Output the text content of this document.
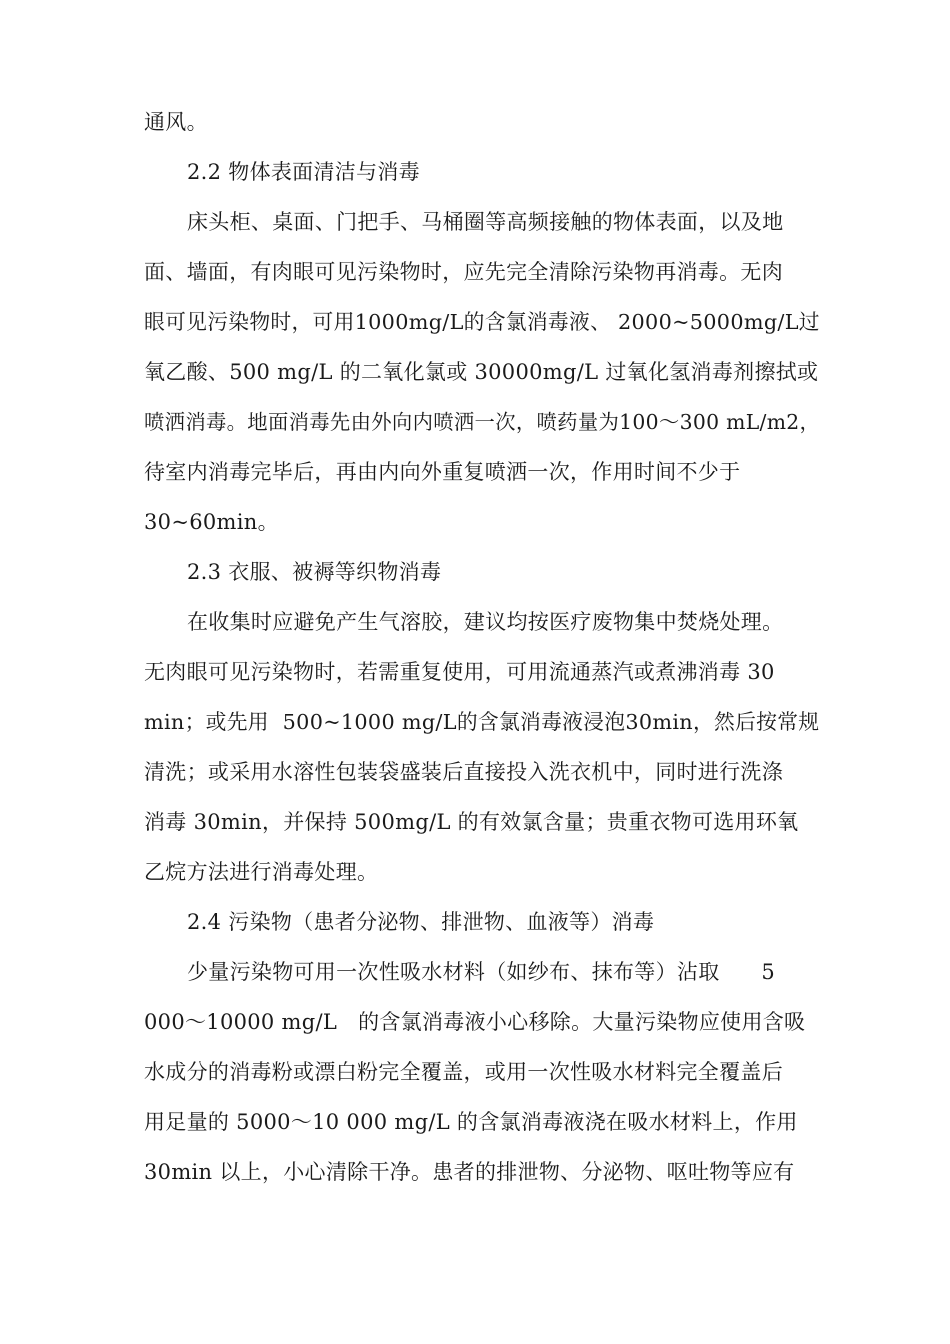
通风。
2.2 物体表面清洁与消毒
床头柜、桌面、门把手、马桶圈等高频接触的物体表面，以及地
面、墙面，有肉眼可见污染物时，应先完全清除污染物再消毒。无肉
眼可见污染物时，可用1000mg/L的含氯消毒液、 2000~5000mg/L过
氧乙酸、500 mg/L 的二氧化氯或 30000mg/L 过氧化氢消毒剂擦拭或
喷洒消毒。地面消毒先由外向内喷洒一次，喷药量为100～300 mL/m2，
待室内消毒完毕后，再由内向外重复喷洒一次，作用时间不少于
30~60min。
2.3 衣服、被褥等织物消毒
在收集时应避免产生气溶胶，建议均按医疗废物集中焚烧处理。
无肉眼可见污染物时，若需重复使用，可用流通蒸汽或煮沸消毒 30
min；或先用  500~1000 mg/L的含氯消毒液浸泡30min，然后按常规
清洗；或采用水溶性包装袋盛装后直接投入洗衣机中，同时进行洗涤
消毒 30min，并保持 500mg/L 的有效氯含量；贵重衣物可选用环氧
乙烷方法进行消毒处理。
2.4 污染物（患者分泌物、排泄物、血液等）消毒
少量污染物可用一次性吸水材料（如纱布、抹布等）沾取      5
000～10000 mg/L   的含氯消毒液小心移除。大量污染物应使用含吸
水成分的消毒粉或漂白粉完全覆盖，或用一次性吸水材料完全覆盖后
用足量的 5000～10 000 mg/L 的含氯消毒液浇在吸水材料上，作用
30min 以上，小心清除干净。患者的排泄物、分泌物、呕吐物等应有
